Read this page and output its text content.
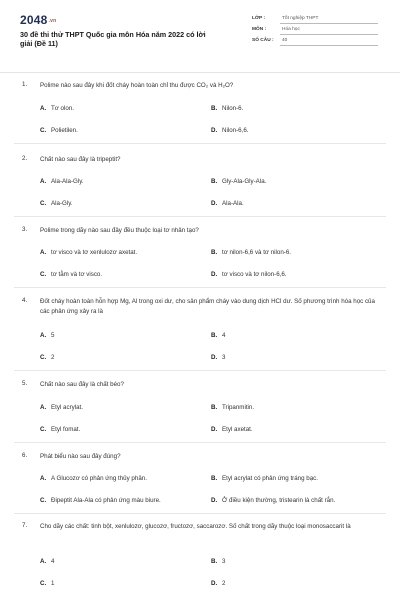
2048.vn
30 đề thi thử THPT Quốc gia môn Hóa năm 2022 có lời giải (Đề 11)
LỚP :	Tốt nghiệp THPT
MÔN :	Hóa học
SỐ CÂU : 40
1. Polime nào sau đây khi đốt cháy hoàn toàn chỉ thu được CO₂ và H₂O?
A. Tơ olon.	B. Nilon-6.
C. Polietilen.	D. Nilon-6,6.
2. Chất nào sau đây là tripeptit?
A. Ala-Ala-Gly.	B. Gly-Ala-Gly-Ala.
C. Ala-Gly.	D. Ala-Ala.
3. Polime trong dãy nào sau đây đều thuộc loại tơ nhân tạo?
A. tơ visco và tơ xenlulozơ axetat.	B. tơ nilon-6,6 và tơ nilon-6.
C. tơ tằm và tơ visco.	D. tơ visco và tơ nilon-6,6.
4. Đốt cháy hoàn toàn hỗn hợp Mg, Al trong oxi dư, cho sản phẩm cháy vào dung dịch HCl dư. Số phương trình hóa học của các phản ứng xảy ra là
A. 5	B. 4
C. 2	D. 3
5. Chất nào sau đây là chất béo?
A. Etyl acrylat.	B. Tripanmitin.
C. Etyl fomat.	D. Etyl axetat.
6. Phát biểu nào sau đây đúng?
A. A Glucozơ có phản ứng thủy phân.	B. Etyl acrylat có phản ứng tráng bạc.
C. Đipeptit Ala-Ala có phản ứng màu biure.	D. Ở điều kiện thường, tristearin là chất rắn.
7. Cho dãy các chất: tinh bột, xenlulozơ, glucozơ, fructozơ, saccarozơ. Số chất trong dãy thuộc loại monosaccarit là
A. 4	B. 3
C. 1	D. 2
